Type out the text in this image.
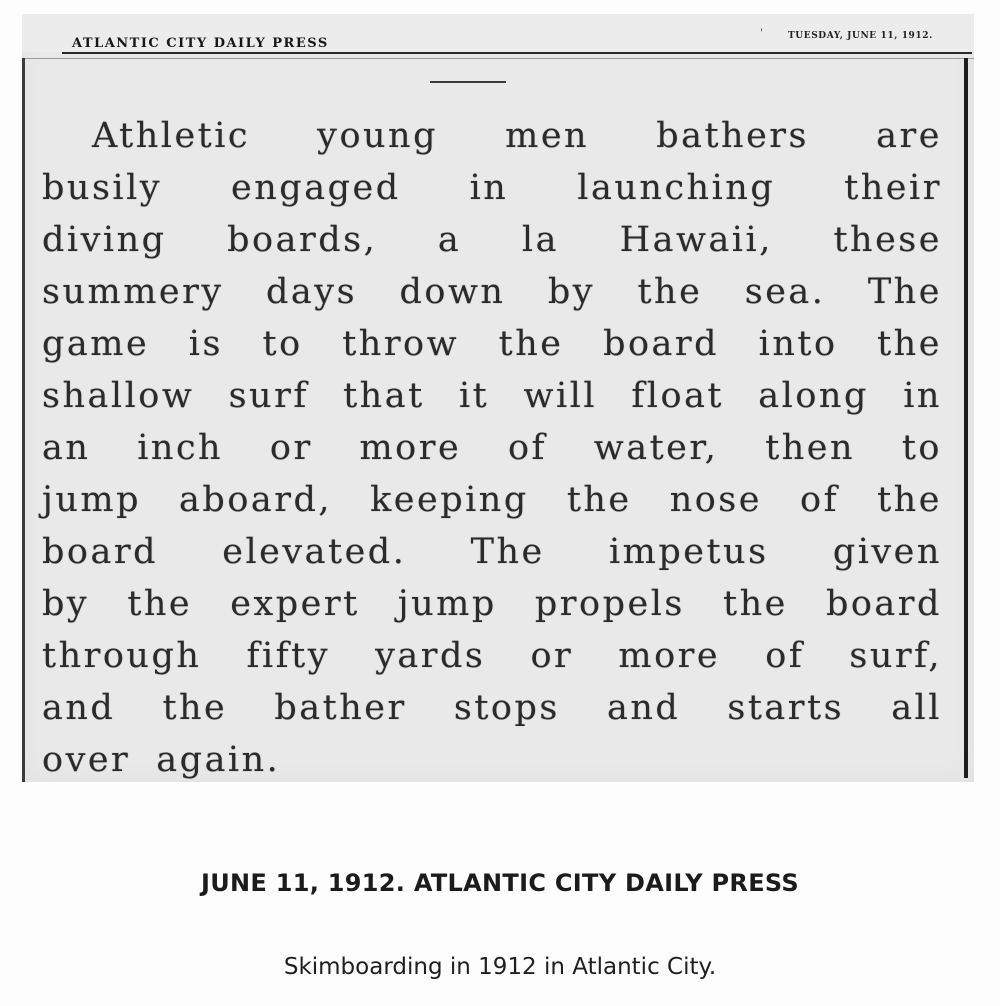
ATLANTIC CITY DAILY PRESS
'	TUESDAY, JUNE 11, 1912.
Athletic young men bathers are
busily engaged in launching their
diving boards, a la Hawaii, these
summery days down by the sea. The
game is to throw the board into the
shallow surf that it will float along in
an inch or more of water, then to
jump aboard, keeping the nose of the
board elevated. The impetus given
by the expert jump propels the board
through fifty yards or more of surf,
and the bather stops and starts all
over again.
JUNE 11, 1912. ATLANTIC CITY DAILY PRESS
Skimboarding in 1912 in Atlantic City.
